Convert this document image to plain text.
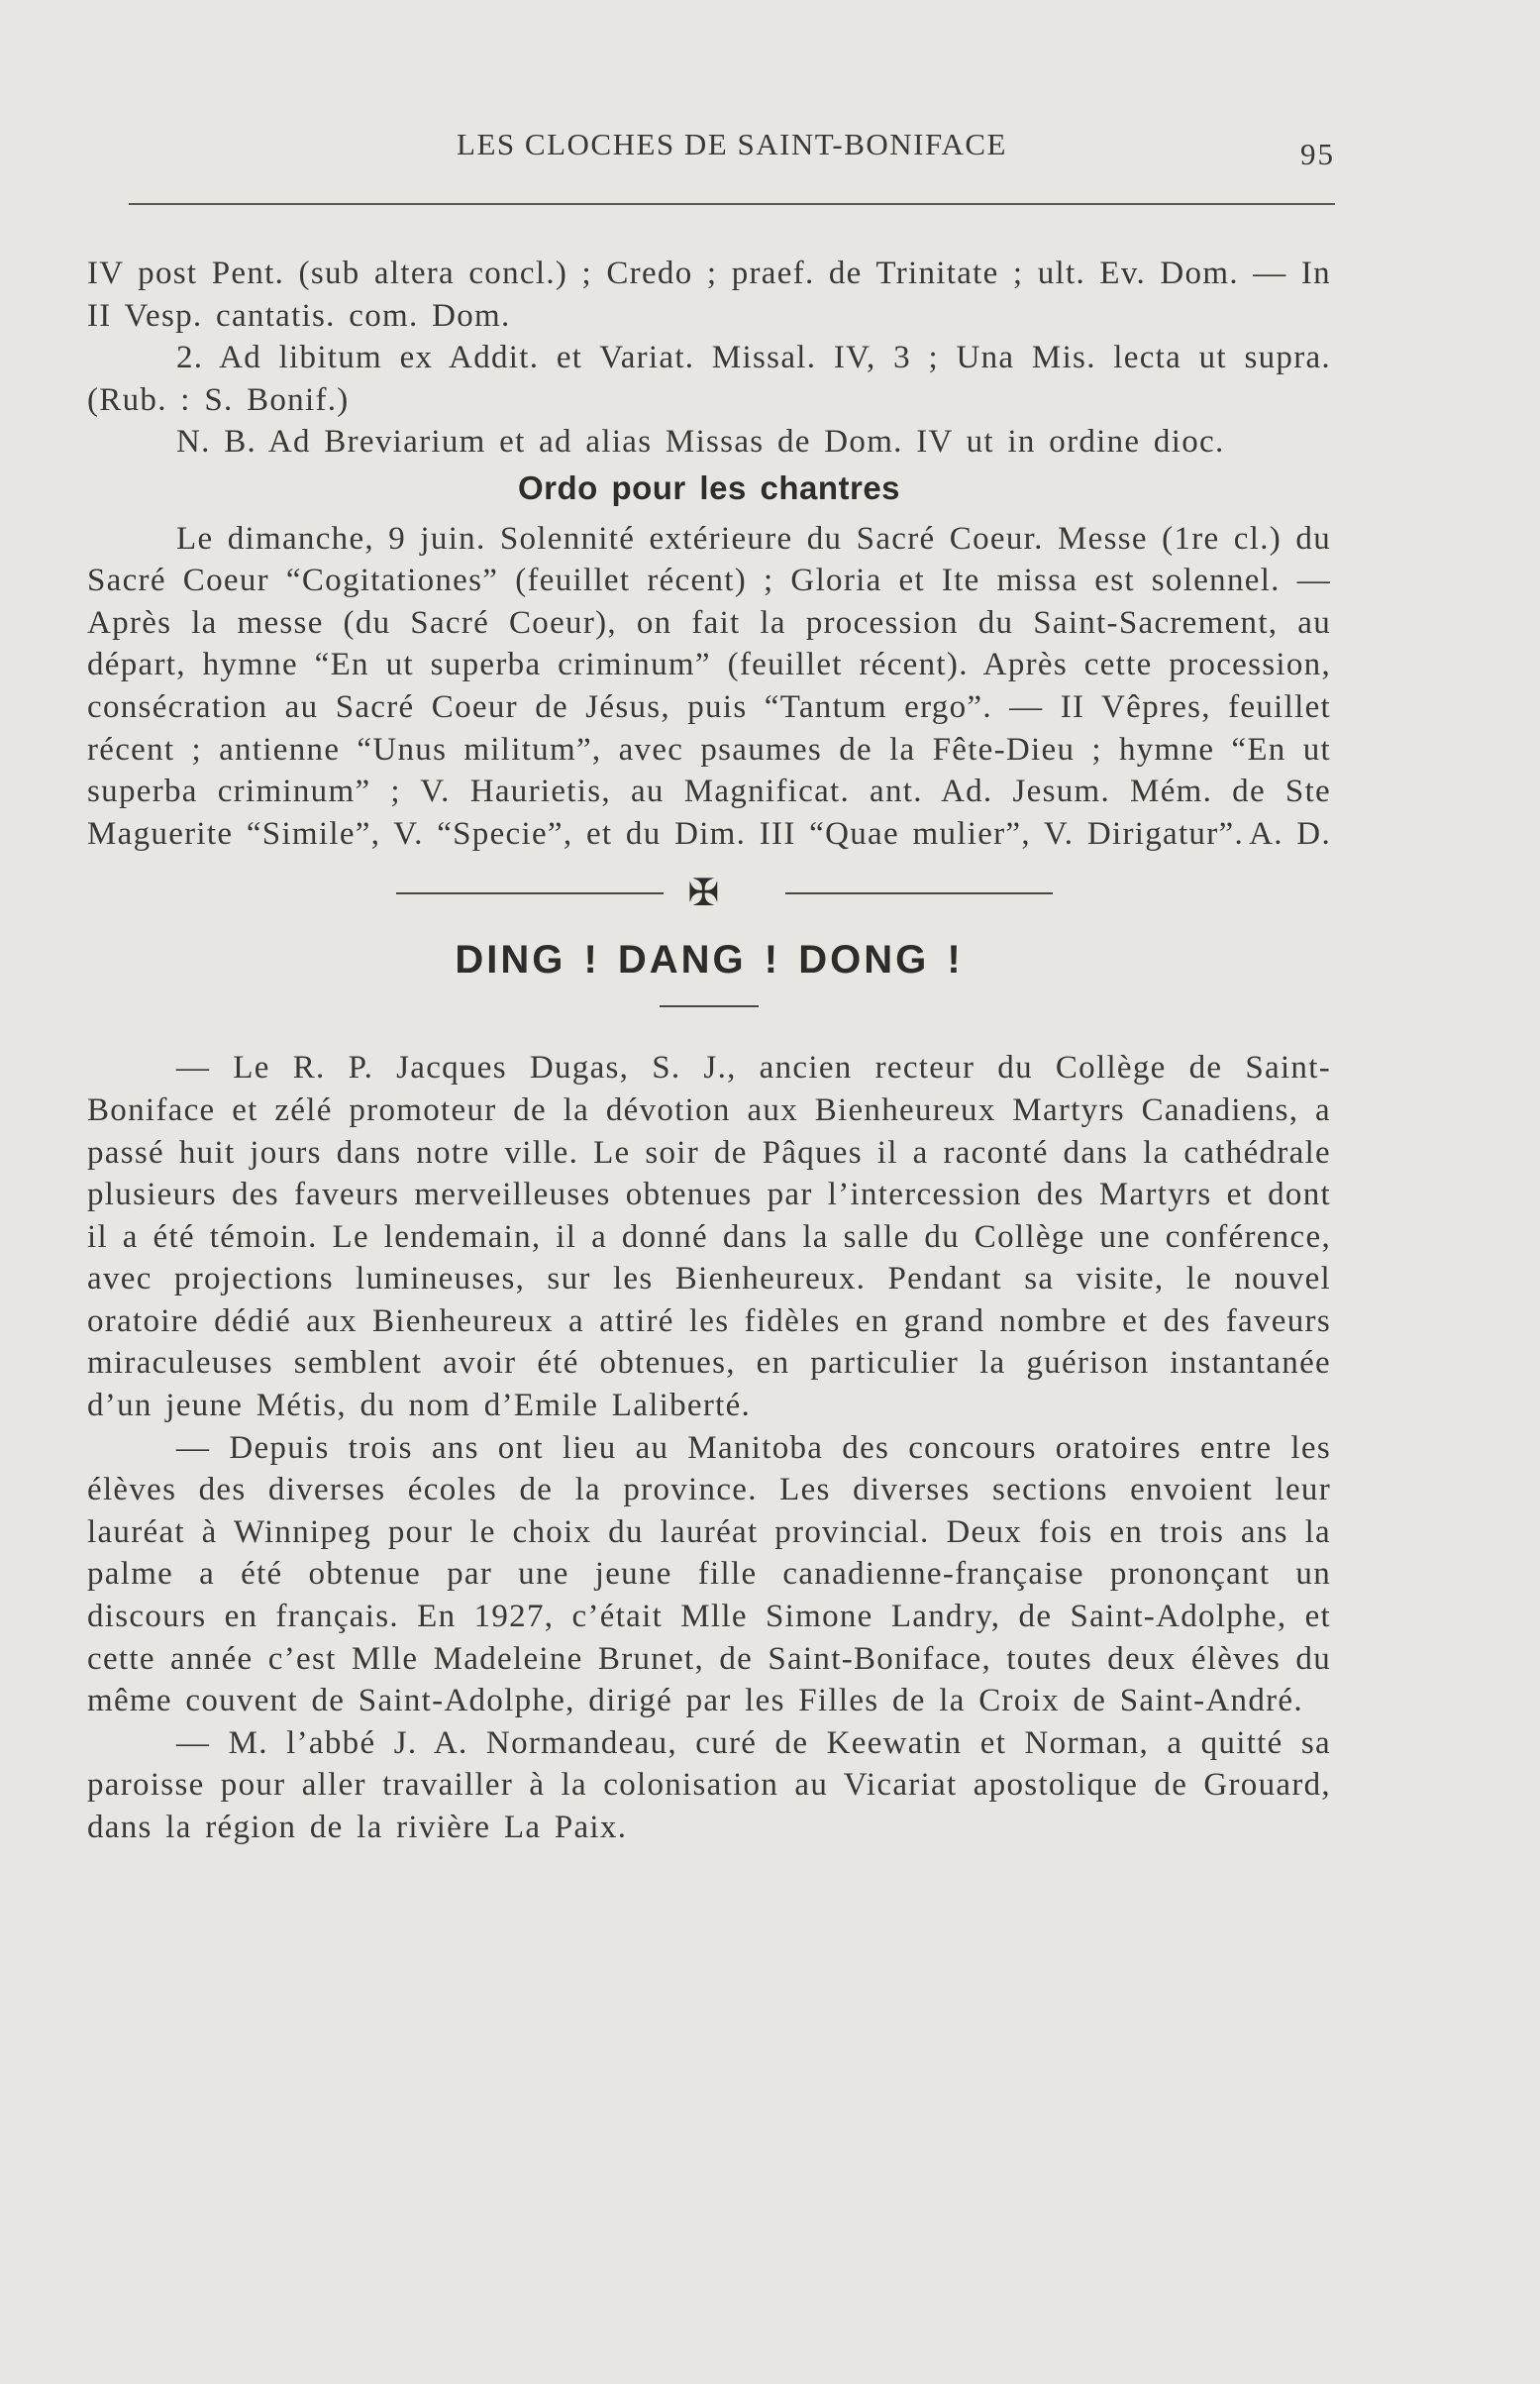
LES CLOCHES DE SAINT-BONIFACE	95

IV post Pent. (sub altera concl.) ; Credo ; praef. de Trinitate ; ult. Ev. Dom. — In II Vesp. cantatis. com. Dom.

2. Ad libitum ex Addit. et Variat. Missal. IV, 3 ; Una Mis. lecta ut supra. (Rub. : S. Bonif.)

N. B. Ad Breviarium et ad alias Missas de Dom. IV ut in ordine dioc.

Ordo pour les chantres

Le dimanche, 9 juin. Solennité extérieure du Sacré Coeur. Messe (1re cl.) du Sacré Coeur “Cogitationes” (feuillet récent) ; Gloria et Ite missa est solennel. — Après la messe (du Sacré Coeur), on fait la procession du Saint-Sacrement, au départ, hymne “En ut superba criminum” (feuillet récent). Après cette procession, consécration au Sacré Coeur de Jésus, puis “Tantum ergo”. — II Vêpres, feuillet récent ; antienne “Unus militum”, avec psaumes de la Fête-Dieu ; hymne “En ut superba criminum” ; V. Haurietis, au Magnificat. ant. Ad. Jesum. Mém. de Ste Maguerite “Simile”, V. “Specie”, et du Dim. III “Quae mulier”, V. Dirigatur”. A. D.
✠
DING ! DANG ! DONG !

— Le R. P. Jacques Dugas, S. J., ancien recteur du Collège de Saint-Boniface et zélé promoteur de la dévotion aux Bienheureux Martyrs Canadiens, a passé huit jours dans notre ville. Le soir de Pâques il a raconté dans la cathédrale plusieurs des faveurs merveilleuses obtenues par l’intercession des Martyrs et dont il a été témoin. Le lendemain, il a donné dans la salle du Collège une conférence, avec projections lumineuses, sur les Bienheureux. Pendant sa visite, le nouvel oratoire dédié aux Bienheureux a attiré les fidèles en grand nombre et des faveurs miraculeuses semblent avoir été obtenues, en particulier la guérison instantanée d’un jeune Métis, du nom d’Emile Laliberté.

— Depuis trois ans ont lieu au Manitoba des concours oratoires entre les élèves des diverses écoles de la province. Les diverses sections envoient leur lauréat à Winnipeg pour le choix du lauréat provincial. Deux fois en trois ans la palme a été obtenue par une jeune fille canadienne-française prononçant un discours en français. En 1927, c’était Mlle Simone Landry, de Saint-Adolphe, et cette année c’est Mlle Madeleine Brunet, de Saint-Boniface, toutes deux élèves du même couvent de Saint-Adolphe, dirigé par les Filles de la Croix de Saint-André.

— M. l’abbé J. A. Normandeau, curé de Keewatin et Norman, a quitté sa paroisse pour aller travailler à la colonisation au Vicariat apostolique de Grouard, dans la région de la rivière La Paix.
